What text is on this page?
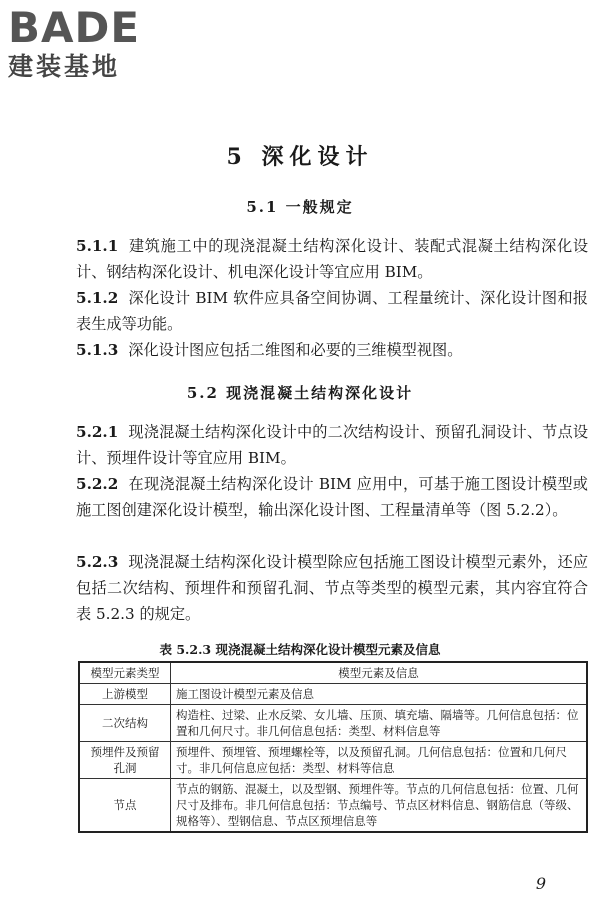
BADE
建装基地
5 深化设计
5.1 一般规定
5.1.1 建筑施工中的现浇混凝土结构深化设计、装配式混凝土结构深化设计、钢结构深化设计、机电深化设计等宜应用 BIM。
5.1.2 深化设计 BIM 软件应具备空间协调、工程量统计、深化设计图和报表生成等功能。
5.1.3 深化设计图应包括二维图和必要的三维模型视图。
5.2 现浇混凝土结构深化设计
5.2.1 现浇混凝土结构深化设计中的二次结构设计、预留孔洞设计、节点设计、预埋件设计等宜应用 BIM。
5.2.2 在现浇混凝土结构深化设计 BIM 应用中，可基于施工图设计模型或施工图创建深化设计模型，输出深化设计图、工程量清单等（图 5.2.2）。
5.2.3 现浇混凝土结构深化设计模型除应包括施工图设计模型元素外，还应包括二次结构、预埋件和预留孔洞、节点等类型的模型元素，其内容宜符合表 5.2.3 的规定。
表 5.2.3 现浇混凝土结构深化设计模型元素及信息
模型元素类型	模型元素及信息
上游模型	施工图设计模型元素及信息
二次结构	构造柱、过梁、止水反梁、女儿墙、压顶、填充墙、隔墙等。几何信息包括：位置和几何尺寸。非几何信息包括：类型、材料信息等
预埋件及预留孔洞	预埋件、预埋管、预埋螺栓等，以及预留孔洞。几何信息包括：位置和几何尺寸。非几何信息应包括：类型、材料等信息
节点	节点的钢筋、混凝土，以及型钢、预埋件等。节点的几何信息包括：位置、几何尺寸及排布。非几何信息包括：节点编号、节点区材料信息、钢筋信息（等级、规格等）、型钢信息、节点区预埋信息等
9
